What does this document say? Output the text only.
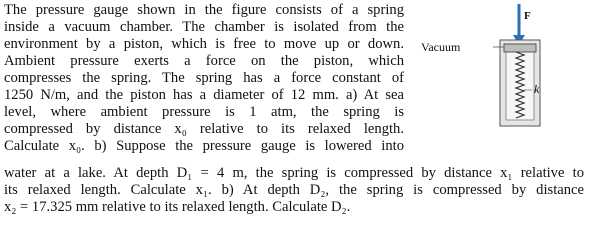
The pressure gauge shown in the figure consists of a spring
inside a vacuum chamber. The chamber is isolated from the
environment by a piston, which is free to move up or down.
Ambient pressure exerts a force on the piston, which
compresses the spring. The spring has a force constant of
1250 N/m, and the piston has a diameter of 12 mm. a) At sea
level, where ambient pressure is 1 atm, the spring is
compressed by distance x₀ relative to its relaxed length.
Calculate x₀. b) Suppose the pressure gauge is lowered into
water at a lake. At depth D₁ = 4 m, the spring is compressed by distance x₁ relative to
its relaxed length. Calculate x₁. b) At depth D₂, the spring is compressed by distance
x₂ = 17.325 mm relative to its relaxed length. Calculate D₂.
F
Vacuum
k
